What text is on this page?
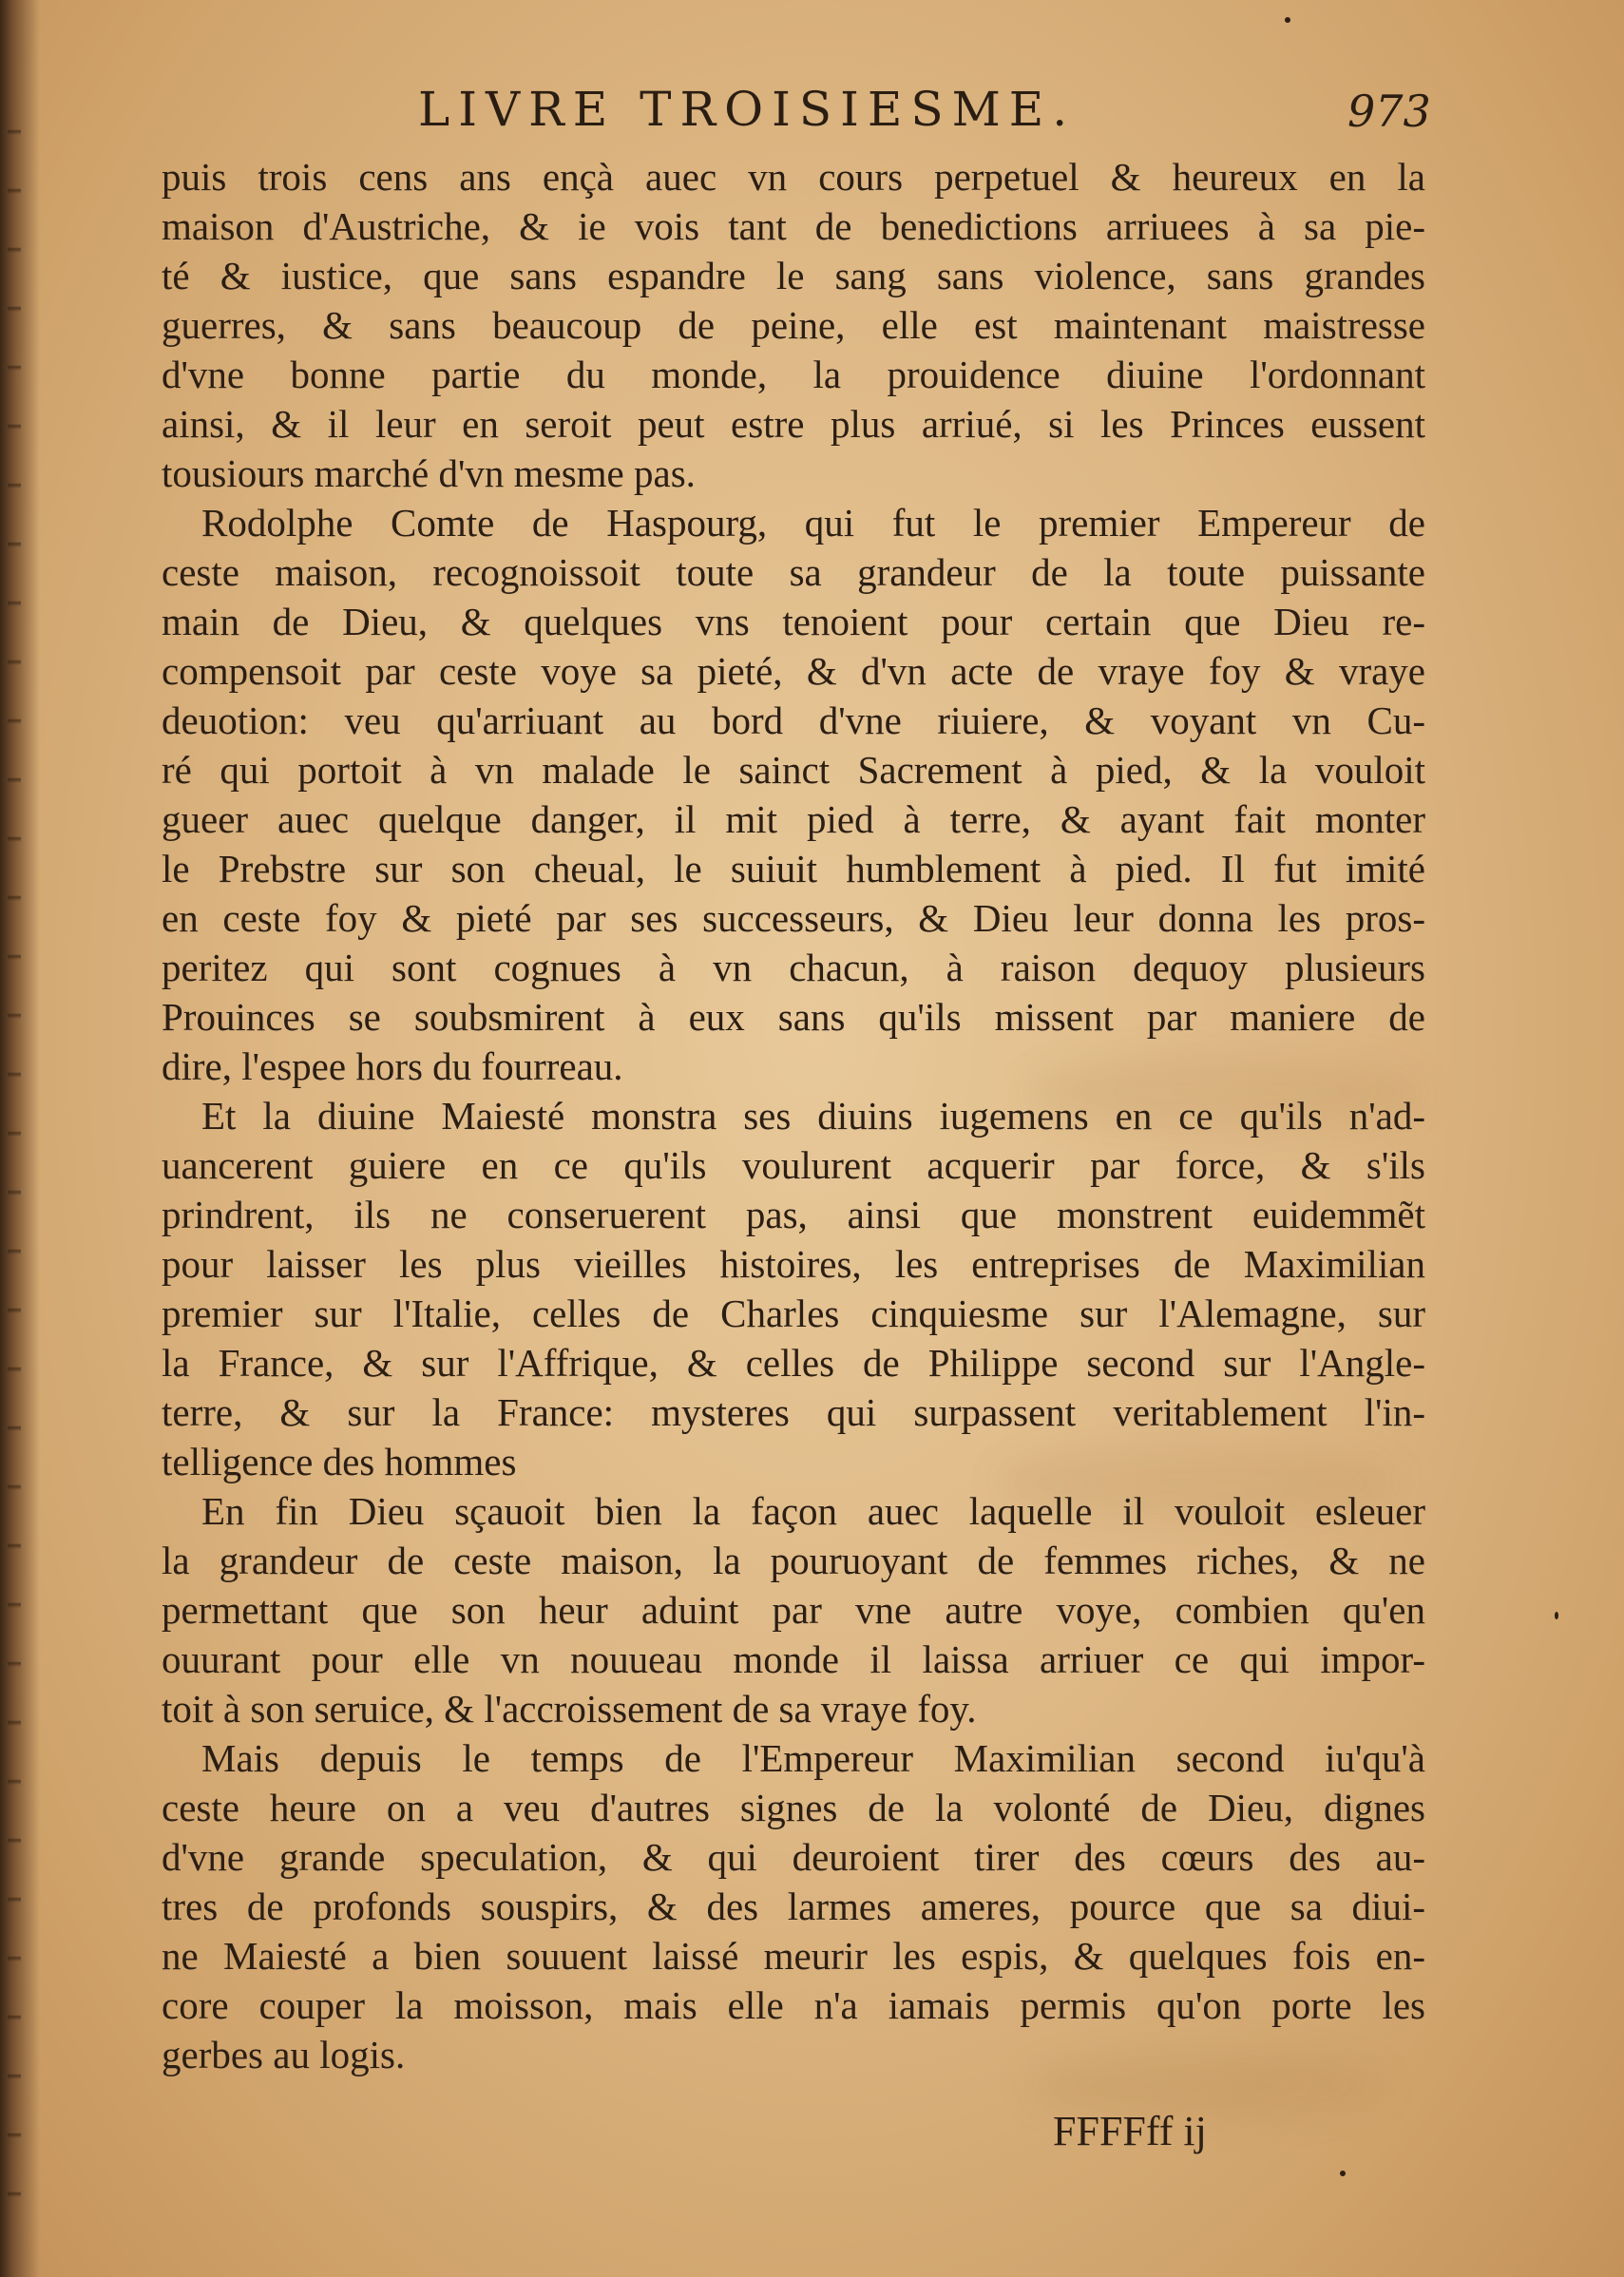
LIVRE TROISIESME.	973
puis trois cens ans ençà auec vn cours perpetuel & heureux en la
maison d'Austriche, & ie vois tant de benedictions arriuees à sa pie-
té & iustice, que sans espandre le sang sans violence, sans grandes
guerres, & sans beaucoup de peine, elle est maintenant maistresse
d'vne bonne partie du monde, la prouidence diuine l'ordonnant
ainsi, & il leur en seroit peut estre plus arriué, si les Princes eussent
tousiours marché d'vn mesme pas.
Rodolphe Comte de Haspourg, qui fut le premier Empereur de
ceste maison, recognoissoit toute sa grandeur de la toute puissante
main de Dieu, & quelques vns tenoient pour certain que Dieu re-
compensoit par ceste voye sa pieté, & d'vn acte de vraye foy & vraye
deuotion: veu qu'arriuant au bord d'vne riuiere, & voyant vn Cu-
ré qui portoit à vn malade le sainct Sacrement à pied, & la vouloit
gueer auec quelque danger, il mit pied à terre, & ayant fait monter
le Prebstre sur son cheual, le suiuit humblement à pied. Il fut imité
en ceste foy & pieté par ses successeurs, & Dieu leur donna les pros-
peritez qui sont cognues à vn chacun, à raison dequoy plusieurs
Prouinces se soubsmirent à eux sans qu'ils missent par maniere de
dire, l'espee hors du fourreau.
Et la diuine Maiesté monstra ses diuins iugemens en ce qu'ils n'ad-
uancerent guiere en ce qu'ils voulurent acquerir par force, & s'ils
prindrent, ils ne conseruerent pas, ainsi que monstrent euidemmẽt
pour laisser les plus vieilles histoires, les entreprises de Maximilian
premier sur l'Italie, celles de Charles cinquiesme sur l'Alemagne, sur
la France, & sur l'Affrique, & celles de Philippe second sur l'Angle-
terre, & sur la France: mysteres qui surpassent veritablement l'in-
telligence des hommes
En fin Dieu sçauoit bien la façon auec laquelle il vouloit esleuer
la grandeur de ceste maison, la pouruoyant de femmes riches, & ne
permettant que son heur aduint par vne autre voye, combien qu'en
ouurant pour elle vn nouueau monde il laissa arriuer ce qui impor-
toit à son seruice, & l'accroissement de sa vraye foy.
Mais depuis le temps de l'Empereur Maximilian second iu'qu'à
ceste heure on a veu d'autres signes de la volonté de Dieu, dignes
d'vne grande speculation, & qui deuroient tirer des cœurs des au-
tres de profonds souspirs, & des larmes ameres, pource que sa diui-
ne Maiesté a bien souuent laissé meurir les espis, & quelques fois en-
core couper la moisson, mais elle n'a iamais permis qu'on porte les
gerbes au logis.
FFFFff ij
